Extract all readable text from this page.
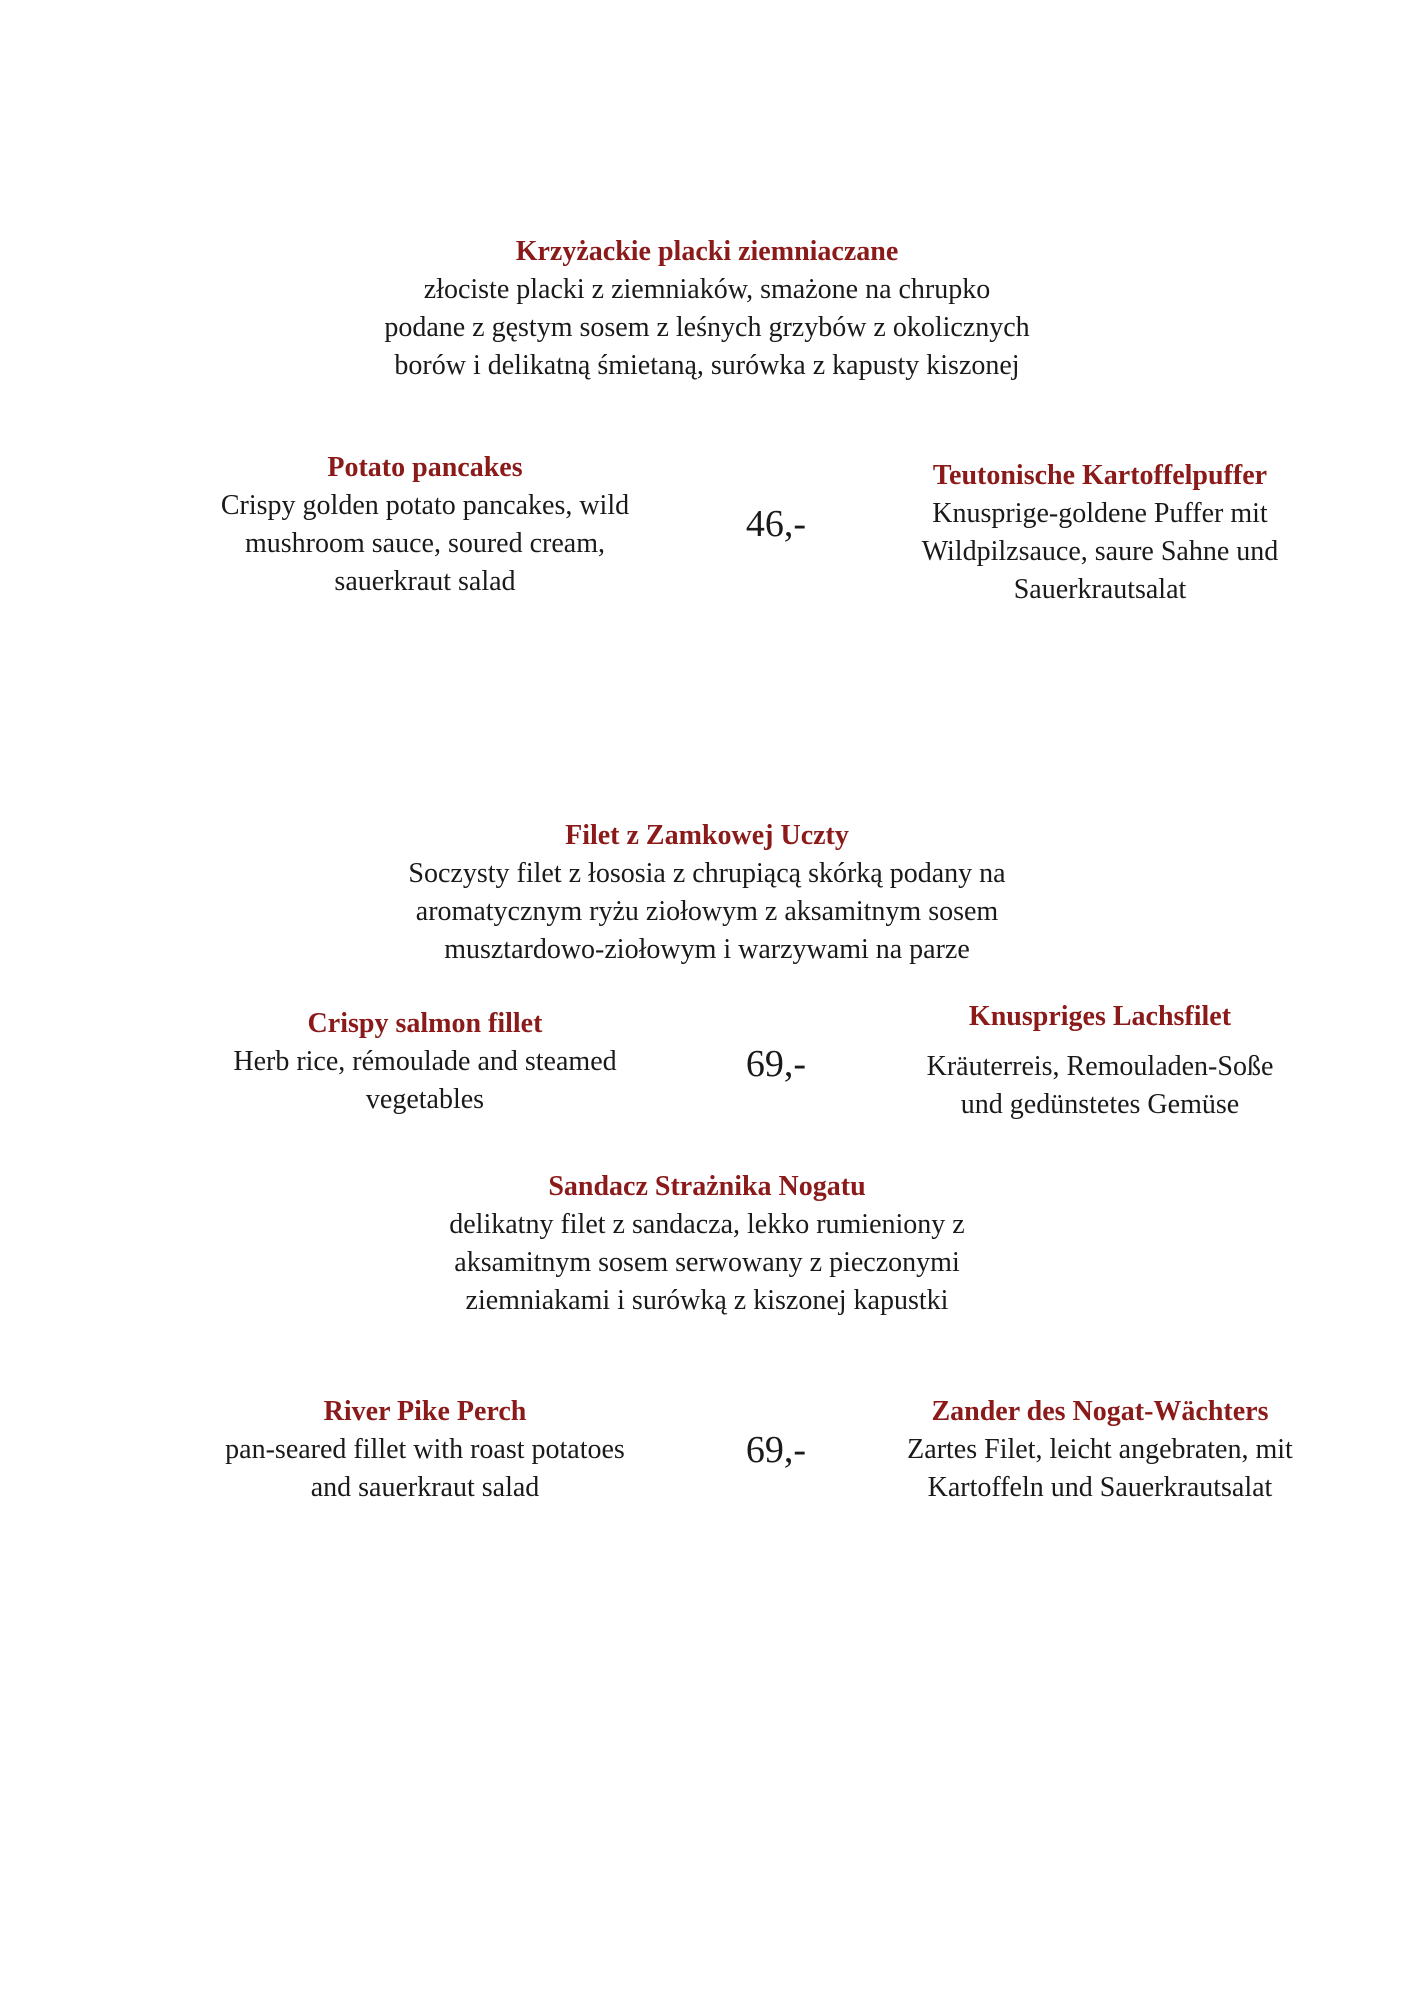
Krzyżackie placki ziemniaczane
złociste placki z ziemniaków, smażone na chrupko
podane z gęstym sosem z leśnych grzybów z okolicznych
borów i delikatną śmietaną, surówka z kapusty kiszonej
Potato pancakes
Crispy golden potato pancakes, wild
mushroom sauce, soured cream,
sauerkraut salad
46,-
Teutonische Kartoffelpuffer
Knusprige-goldene Puffer mit
Wildpilzsauce, saure Sahne und
Sauerkrautsalat
Filet z Zamkowej Uczty
Soczysty filet z łososia z chrupiącą skórką podany na
aromatycznym ryżu ziołowym z aksamitnym sosem
musztardowo-ziołowym i warzywami na parze
Crispy salmon fillet
Herb rice, rémoulade and steamed
vegetables
69,-
Knuspriges Lachsfilet
Kräuterreis, Remouladen-Soße
und gedünstetes Gemüse
Sandacz Strażnika Nogatu
delikatny filet z sandacza, lekko rumieniony z
aksamitnym sosem serwowany z pieczonymi
ziemniakami i surówką z kiszonej kapustki
River Pike Perch
pan-seared fillet with roast potatoes
and sauerkraut salad
69,-
Zander des Nogat-Wächters
Zartes Filet, leicht angebraten, mit
Kartoffeln und Sauerkrautsalat
